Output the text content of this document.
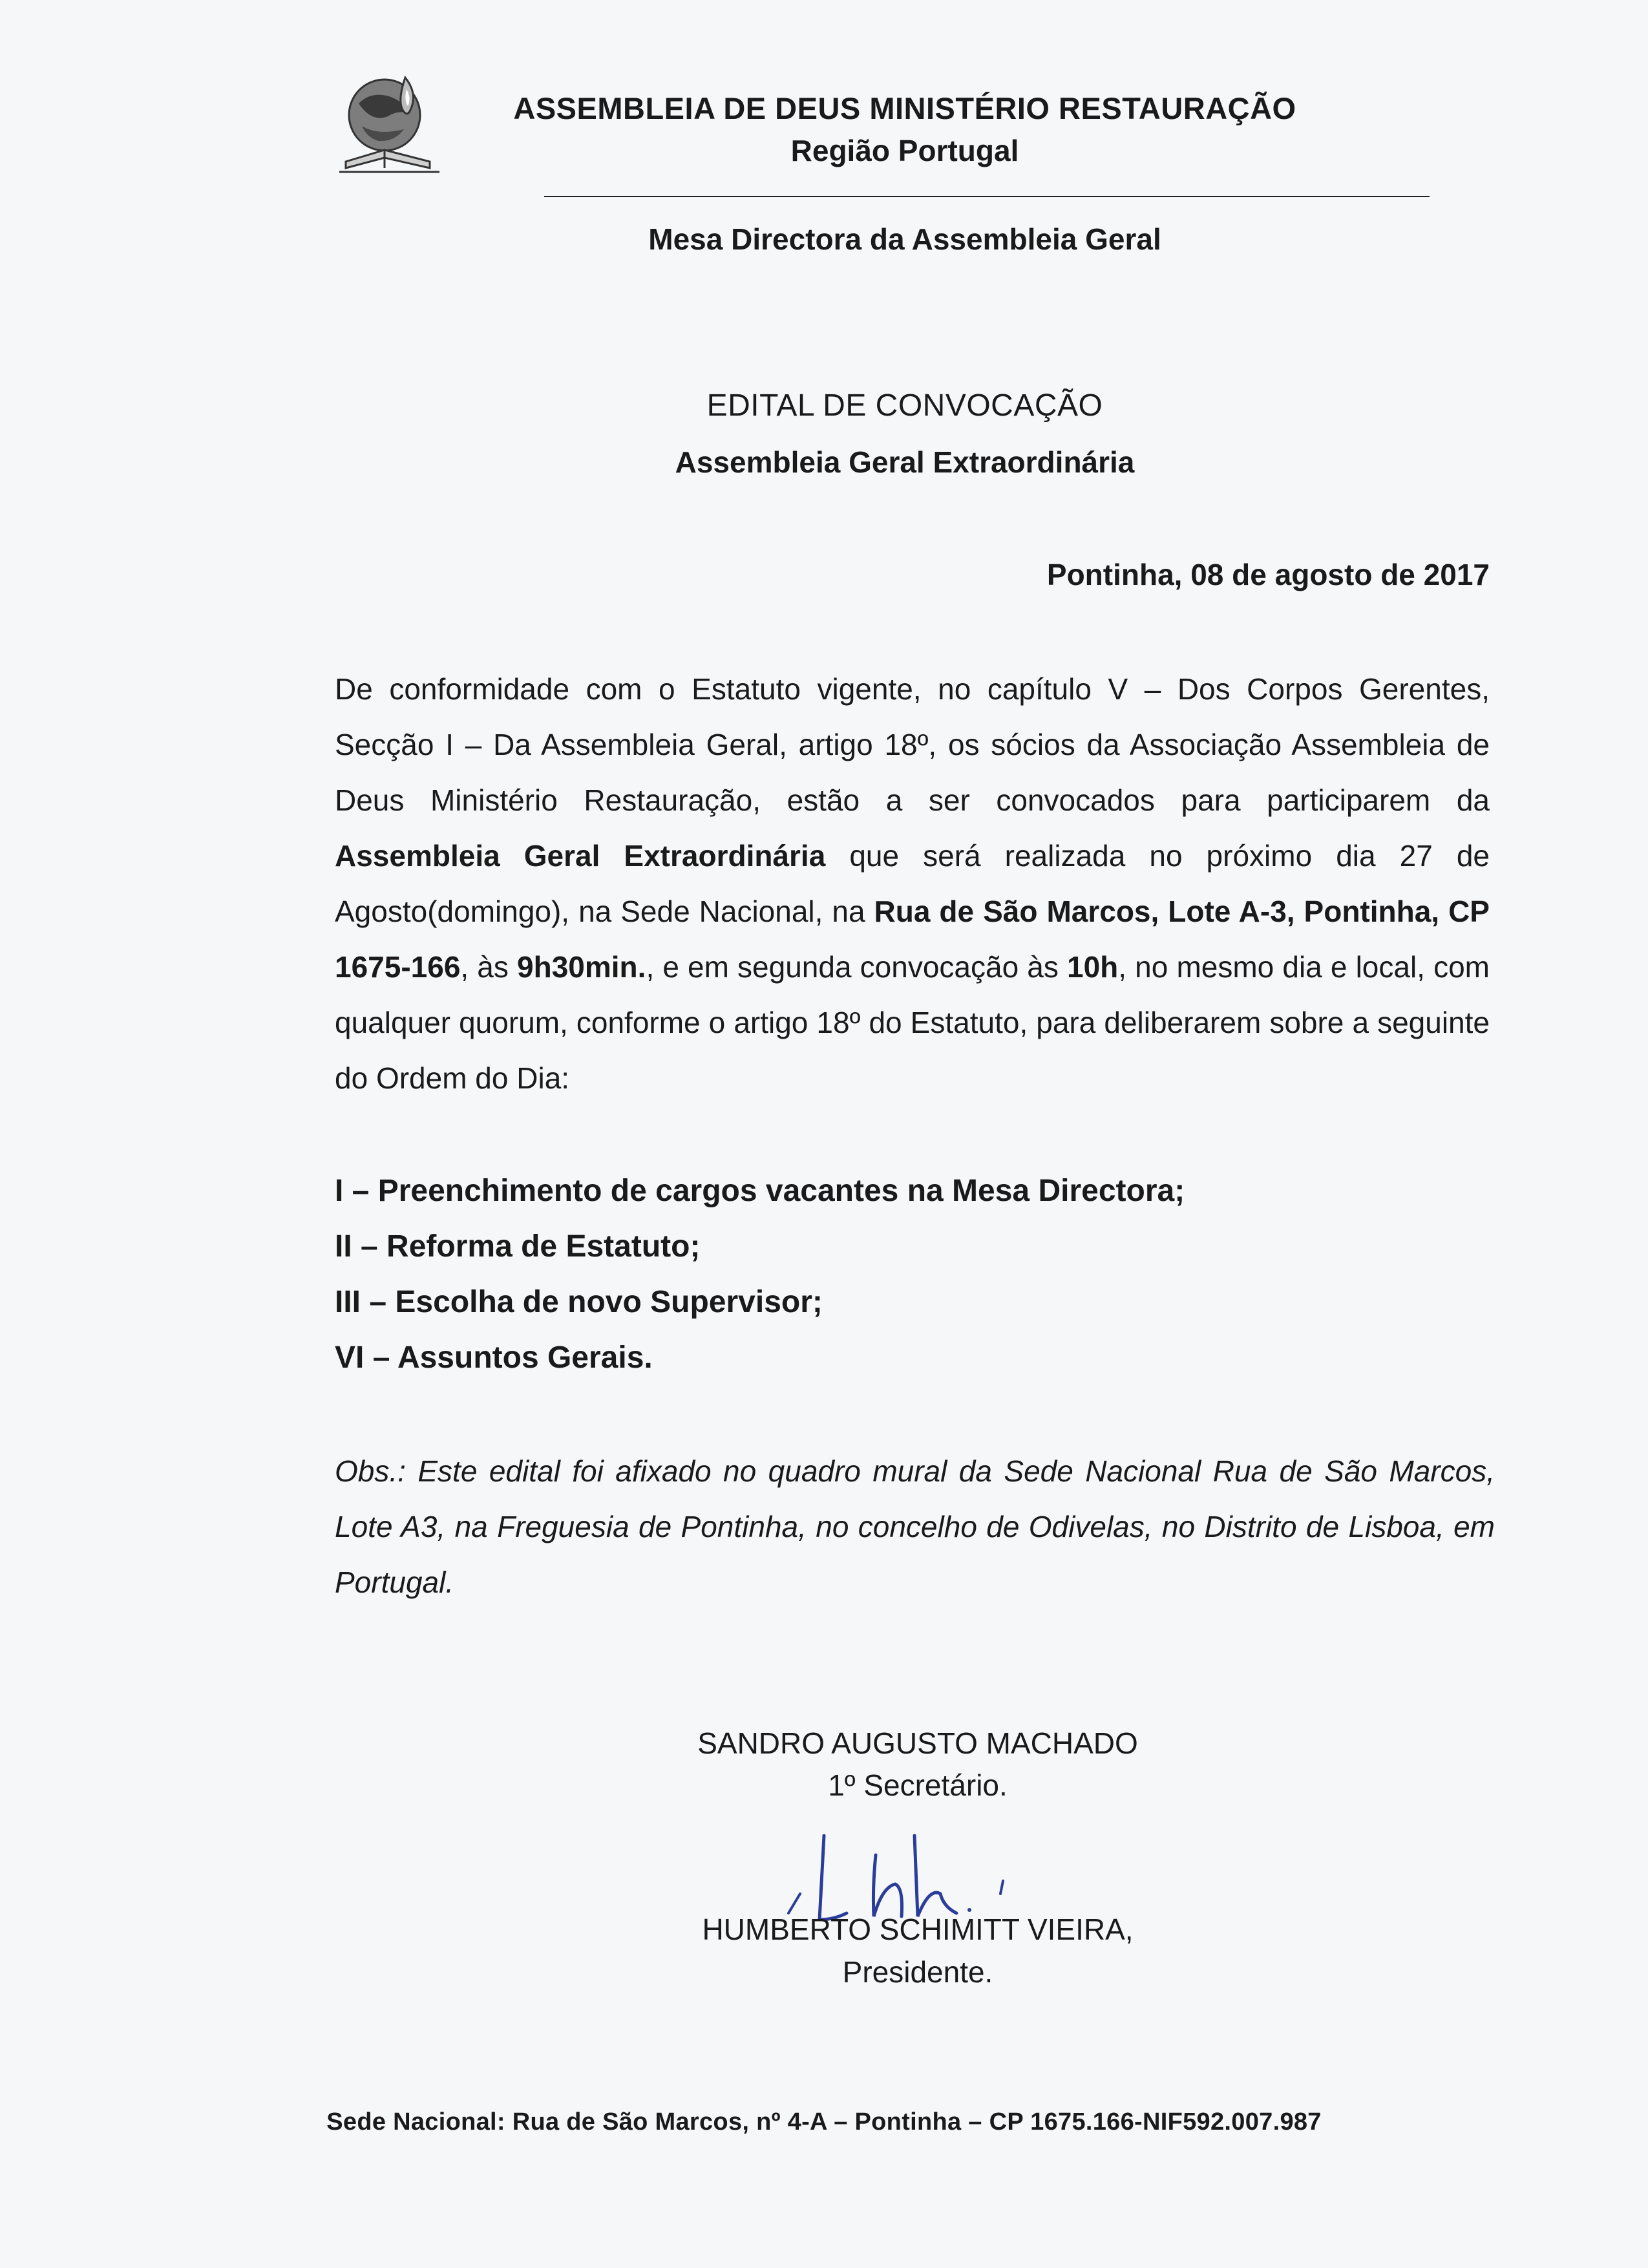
ASSEMBLEIA DE DEUS MINISTÉRIO RESTAURAÇÃO
Região Portugal
Mesa Directora da Assembleia Geral
EDITAL DE CONVOCAÇÃO
Assembleia Geral Extraordinária
Pontinha, 08 de agosto de 2017
De conformidade com o Estatuto vigente, no capítulo V – Dos Corpos Gerentes, Secção I – Da Assembleia Geral, artigo 18º, os sócios da Associação Assembleia de Deus Ministério Restauração, estão a ser convocados para participarem da Assembleia Geral Extraordinária que será realizada no próximo dia 27 de Agosto(domingo), na Sede Nacional, na Rua de São Marcos, Lote A-3, Pontinha, CP 1675-166, às 9h30min., e em segunda convocação às 10h, no mesmo dia e local, com qualquer quorum, conforme o artigo 18º do Estatuto, para deliberarem sobre a seguinte do Ordem do Dia:
I – Preenchimento de cargos vacantes na Mesa Directora;
II – Reforma de Estatuto;
III – Escolha de novo Supervisor;
VI – Assuntos Gerais.
Obs.: Este edital foi afixado no quadro mural da Sede Nacional Rua de São Marcos, Lote A3, na Freguesia de Pontinha, no concelho de Odivelas, no Distrito de Lisboa, em Portugal.
SANDRO AUGUSTO MACHADO
1º Secretário.
HUMBERTO SCHIMITT VIEIRA,
Presidente.
Sede Nacional: Rua de São Marcos, nº 4-A – Pontinha – CP 1675.166-NIF592.007.987
